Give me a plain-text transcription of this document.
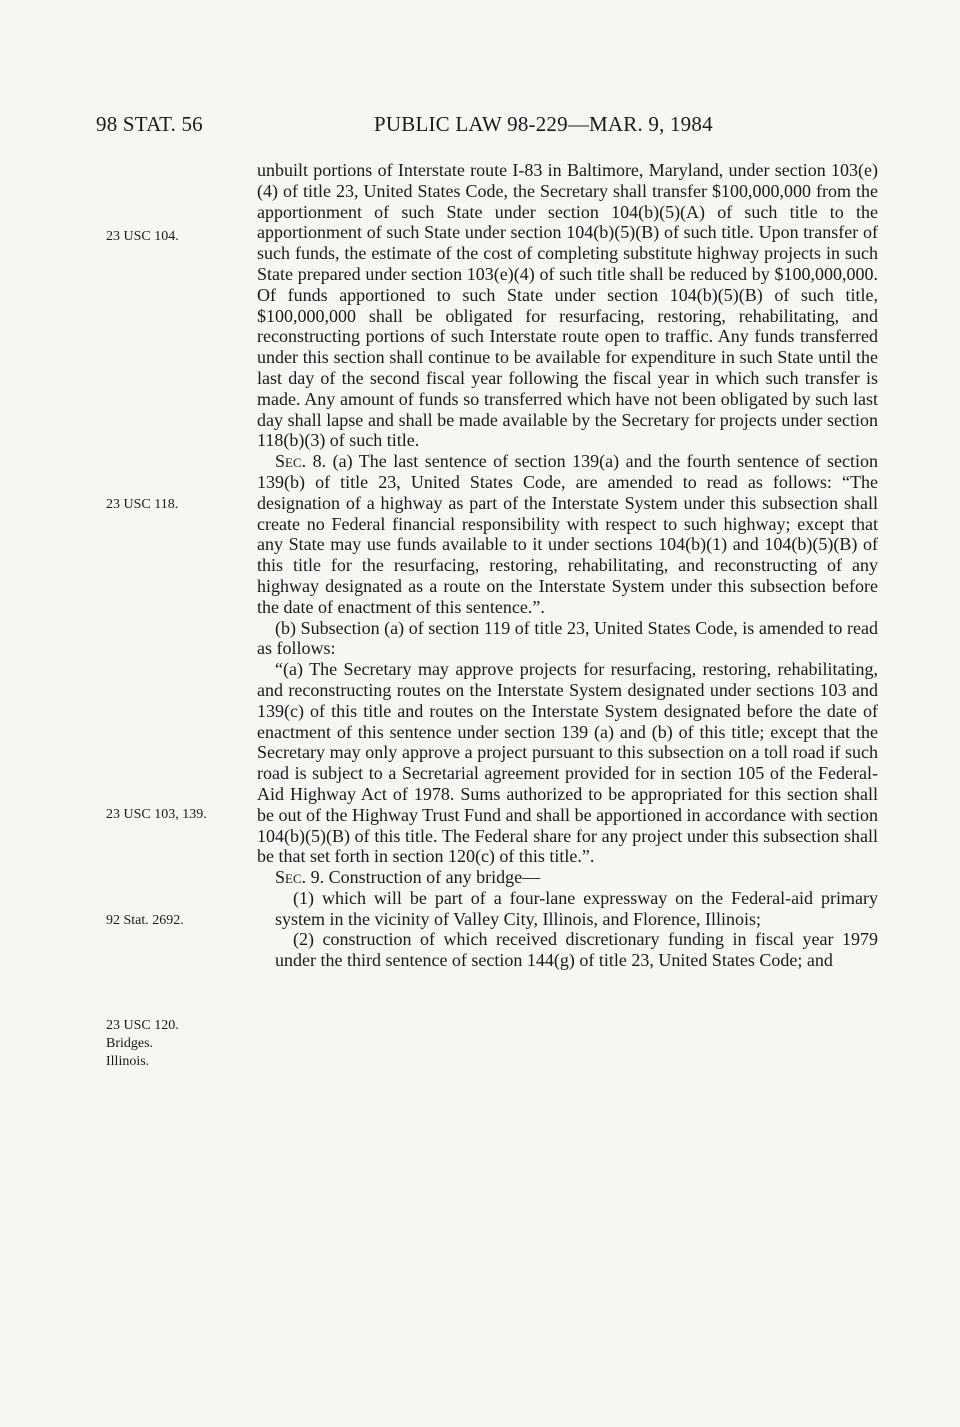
98 STAT. 56	PUBLIC LAW 98-229—MAR. 9, 1984
23 USC 104.
23 USC 118.
23 USC 103, 139.
92 Stat. 2692.
23 USC 120.
Bridges.
Illinois.

unbuilt portions of Interstate route I-83 in Baltimore, Maryland, under section 103(e)(4) of title 23, United States Code, the Secretary shall transfer $100,000,000 from the apportionment of such State under section 104(b)(5)(A) of such title to the apportionment of such State under section 104(b)(5)(B) of such title. Upon transfer of such funds, the estimate of the cost of completing substitute highway projects in such State prepared under section 103(e)(4) of such title shall be reduced by $100,000,000. Of funds apportioned to such State under section 104(b)(5)(B) of such title, $100,000,000 shall be obligated for resurfacing, restoring, rehabilitating, and reconstructing portions of such Interstate route open to traffic. Any funds transferred under this section shall continue to be available for expenditure in such State until the last day of the second fiscal year following the fiscal year in which such transfer is made. Any amount of funds so transferred which have not been obligated by such last day shall lapse and shall be made available by the Secretary for projects under section 118(b)(3) of such title.

Sec. 8. (a) The last sentence of section 139(a) and the fourth sentence of section 139(b) of title 23, United States Code, are amended to read as follows: “The designation of a highway as part of the Interstate System under this subsection shall create no Federal financial responsibility with respect to such highway; except that any State may use funds available to it under sections 104(b)(1) and 104(b)(5)(B) of this title for the resurfacing, restoring, rehabilitating, and reconstructing of any highway designated as a route on the Interstate System under this subsection before the date of enactment of this sentence.”.

(b) Subsection (a) of section 119 of title 23, United States Code, is amended to read as follows:

“(a) The Secretary may approve projects for resurfacing, restoring, rehabilitating, and reconstructing routes on the Interstate System designated under sections 103 and 139(c) of this title and routes on the Interstate System designated before the date of enactment of this sentence under section 139 (a) and (b) of this title; except that the Secretary may only approve a project pursuant to this subsection on a toll road if such road is subject to a Secretarial agreement provided for in section 105 of the Federal-Aid Highway Act of 1978. Sums authorized to be appropriated for this section shall be out of the Highway Trust Fund and shall be apportioned in accordance with section 104(b)(5)(B) of this title. The Federal share for any project under this subsection shall be that set forth in section 120(c) of this title.”.

Sec. 9. Construction of any bridge—

(1) which will be part of a four-lane expressway on the Federal-aid primary system in the vicinity of Valley City, Illinois, and Florence, Illinois;

(2) construction of which received discretionary funding in fiscal year 1979 under the third sentence of section 144(g) of title 23, United States Code; and
